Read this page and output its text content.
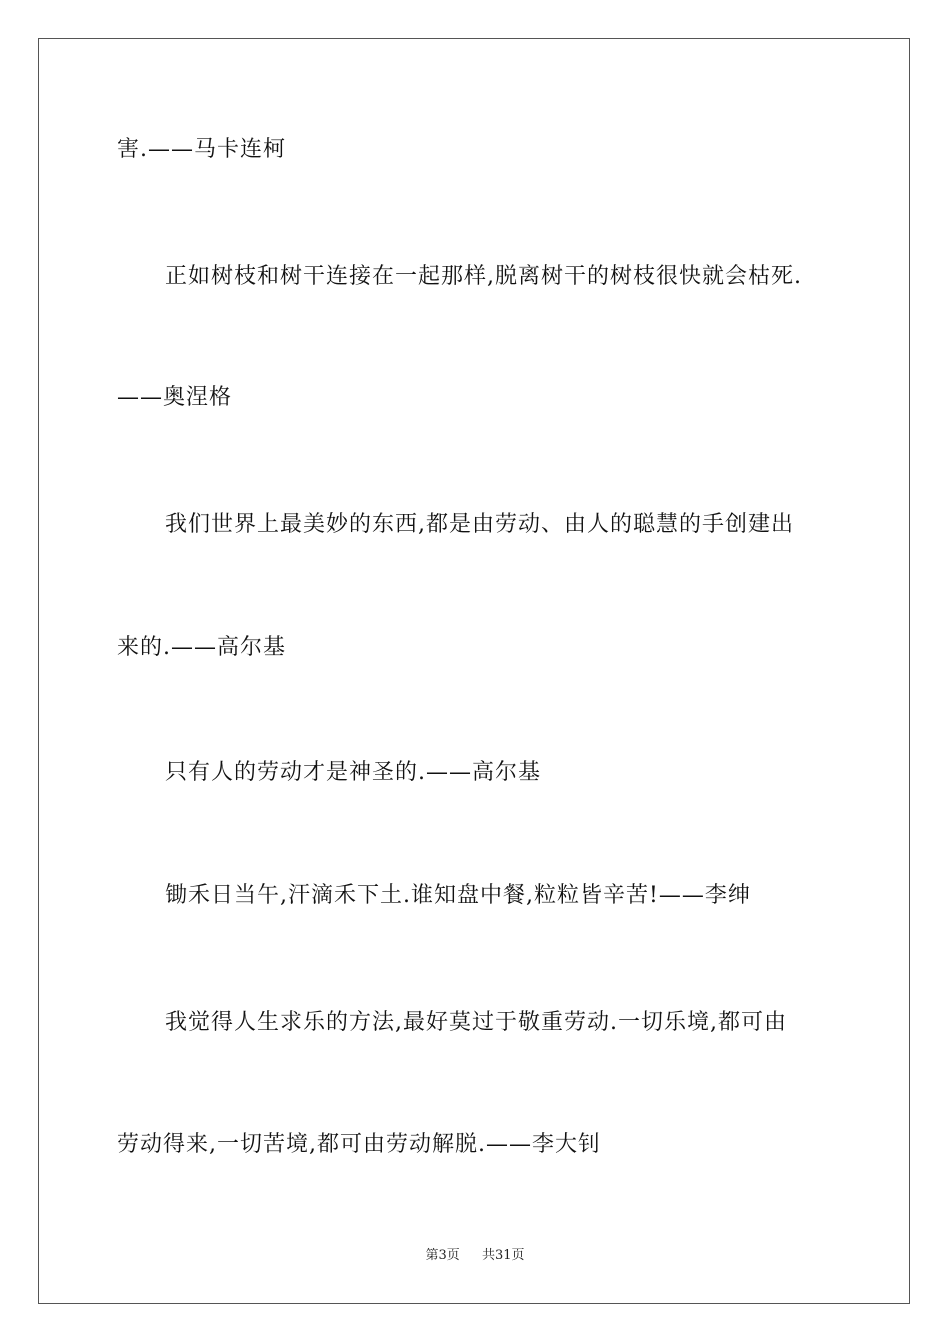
害.——马卡连柯

正如树枝和树干连接在一起那样,脱离树干的树枝很快就会枯死.

——奥涅格

我们世界上最美妙的东西,都是由劳动、由人的聪慧的手创建出

来的.——高尔基

只有人的劳动才是神圣的.——高尔基

锄禾日当午,汗滴禾下土.谁知盘中餐,粒粒皆辛苦!——李绅

我觉得人生求乐的方法,最好莫过于敬重劳动.一切乐境,都可由

劳动得来,一切苦境,都可由劳动解脱.——李大钊

第3页 共31页
